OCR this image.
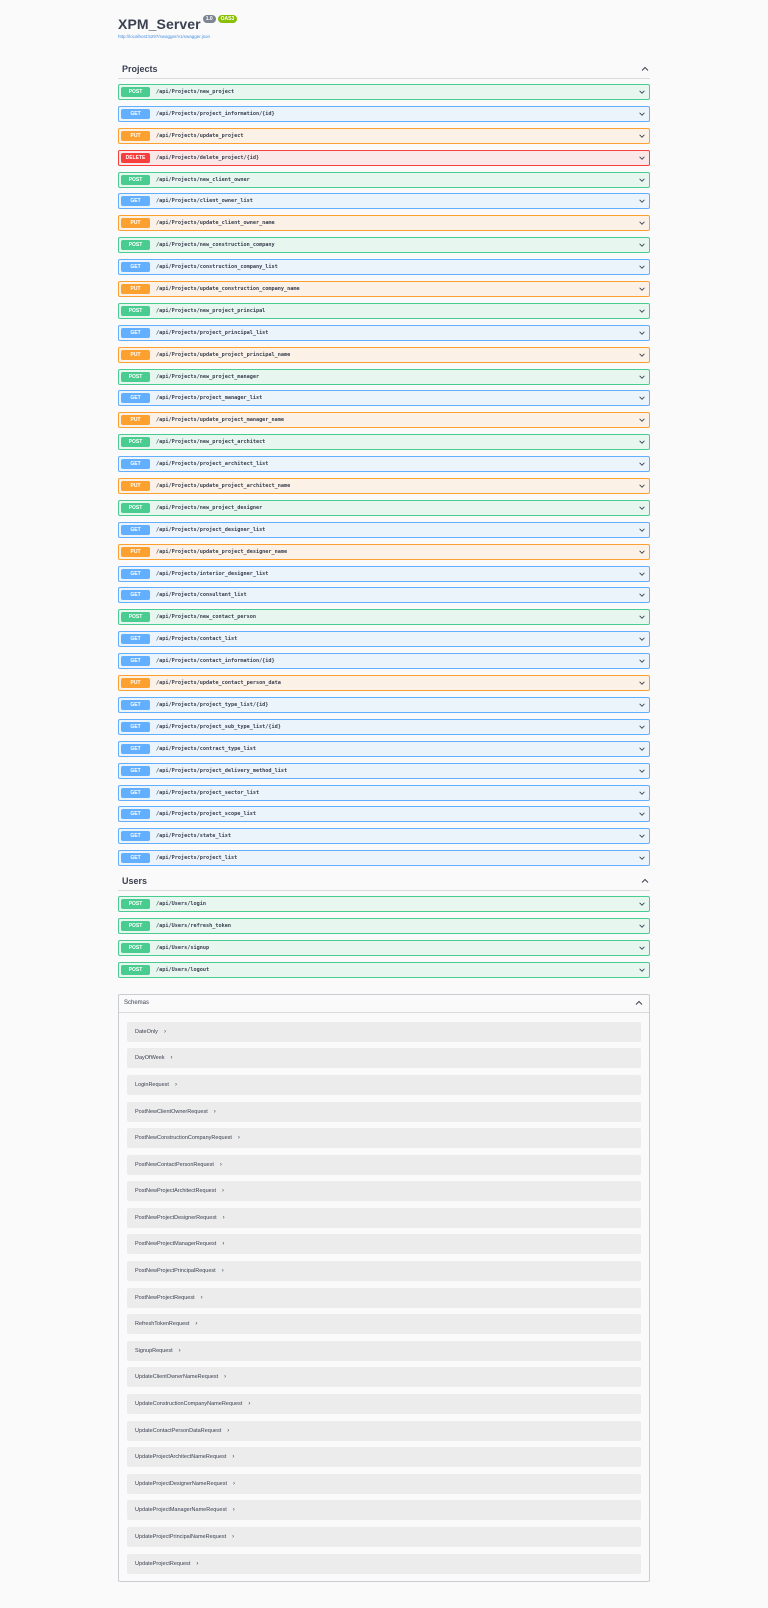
XPM_Server	1.0	OAS3
http://localhost:5297/swagger/v1/swagger.json
Projects
POST	/api/Projects/new_project
GET	/api/Projects/project_information/{id}
PUT	/api/Projects/update_project
DELETE	/api/Projects/delete_project/{id}
POST	/api/Projects/new_client_owner
GET	/api/Projects/client_owner_list
PUT	/api/Projects/update_client_owner_name
POST	/api/Projects/new_construction_company
GET	/api/Projects/construction_company_list
PUT	/api/Projects/update_construction_company_name
POST	/api/Projects/new_project_principal
GET	/api/Projects/project_principal_list
PUT	/api/Projects/update_project_principal_name
POST	/api/Projects/new_project_manager
GET	/api/Projects/project_manager_list
PUT	/api/Projects/update_project_manager_name
POST	/api/Projects/new_project_architect
GET	/api/Projects/project_architect_list
PUT	/api/Projects/update_project_architect_name
POST	/api/Projects/new_project_designer
GET	/api/Projects/project_designer_list
PUT	/api/Projects/update_project_designer_name
GET	/api/Projects/interior_designer_list
GET	/api/Projects/consultant_list
POST	/api/Projects/new_contact_person
GET	/api/Projects/contact_list
GET	/api/Projects/contact_information/{id}
PUT	/api/Projects/update_contact_person_data
GET	/api/Projects/project_type_list/{id}
GET	/api/Projects/project_sub_type_list/{id}
GET	/api/Projects/contract_type_list
GET	/api/Projects/project_delivery_method_list
GET	/api/Projects/project_sector_list
GET	/api/Projects/project_scope_list
GET	/api/Projects/state_list
GET	/api/Projects/project_list
Users
POST	/api/Users/login
POST	/api/Users/refresh_token
POST	/api/Users/signup
POST	/api/Users/logout
Schemas
DateOnly ›
DayOfWeek ›
LoginRequest ›
PostNewClientOwnerRequest ›
PostNewConstructionCompanyRequest ›
PostNewContactPersonRequest ›
PostNewProjectArchitectRequest ›
PostNewProjectDesignerRequest ›
PostNewProjectManagerRequest ›
PostNewProjectPrincipalRequest ›
PostNewProjectRequest ›
RefreshTokenRequest ›
SignupRequest ›
UpdateClientOwnerNameRequest ›
UpdateConstructionCompanyNameRequest ›
UpdateContactPersonDataRequest ›
UpdateProjectArchitectNameRequest ›
UpdateProjectDesignerNameRequest ›
UpdateProjectManagerNameRequest ›
UpdateProjectPrincipalNameRequest ›
UpdateProjectRequest ›
